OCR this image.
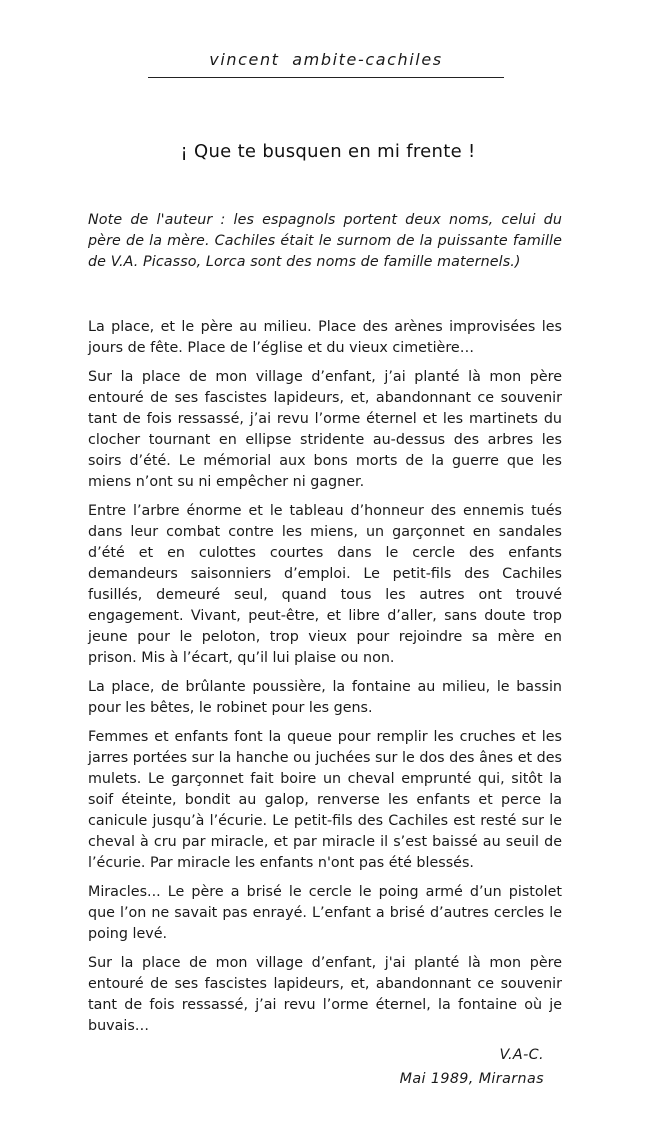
vincent ambite-cachiles
¡ Que te busquen en mi frente !
Note de l'auteur : les espagnols portent deux noms, celui du père de la mère. Cachiles était le surnom de la puissante famille de V.A. Picasso, Lorca sont des noms de famille maternels.)

La place, et le père au milieu. Place des arènes improvisées les jours de fête. Place de l’église et du vieux cimetière…

Sur la place de mon village d’enfant, j’ai planté là mon père entouré de ses fascistes lapideurs, et, abandonnant ce souvenir tant de fois ressassé, j’ai revu l’orme éternel et les martinets du clocher tournant en ellipse stridente au-dessus des arbres les soirs d’été. Le mémorial aux bons morts de la guerre que les miens n’ont su ni empêcher ni gagner.

Entre l’arbre énorme et le tableau d’honneur des ennemis tués dans leur combat contre les miens, un garçonnet en sandales d’été et en culottes courtes dans le cercle des enfants demandeurs saisonniers d’emploi. Le petit-fils des Cachiles fusillés, demeuré seul, quand tous les autres ont trouvé engagement. Vivant, peut-être, et libre d’aller, sans doute trop jeune pour le peloton, trop vieux pour rejoindre sa mère en prison. Mis à l’écart, qu’il lui plaise ou non.

La place, de brûlante poussière, la fontaine au milieu, le bassin pour les bêtes, le robinet pour les gens.

Femmes et enfants font la queue pour remplir les cruches et les jarres portées sur la hanche ou juchées sur le dos des ânes et des mulets. Le garçonnet fait boire un cheval emprunté qui, sitôt la soif éteinte, bondit au galop, renverse les enfants et perce la canicule jusqu’à l’écurie. Le petit-fils des Cachiles est resté sur le cheval à cru par miracle, et par miracle il s’est baissé au seuil de l’écurie. Par miracle les enfants n'ont pas été blessés.

Miracles... Le père a brisé le cercle le poing armé d’un pistolet que l’on ne savait pas enrayé. L’enfant a brisé d’autres cercles le poing levé.

Sur la place de mon village d’enfant, j'ai planté là mon père entouré de ses fascistes lapideurs, et, abandonnant ce souvenir tant de fois ressassé, j’ai revu l’orme éternel, la fontaine où je buvais…

V.A-C.
Mai 1989, Mirarnas
